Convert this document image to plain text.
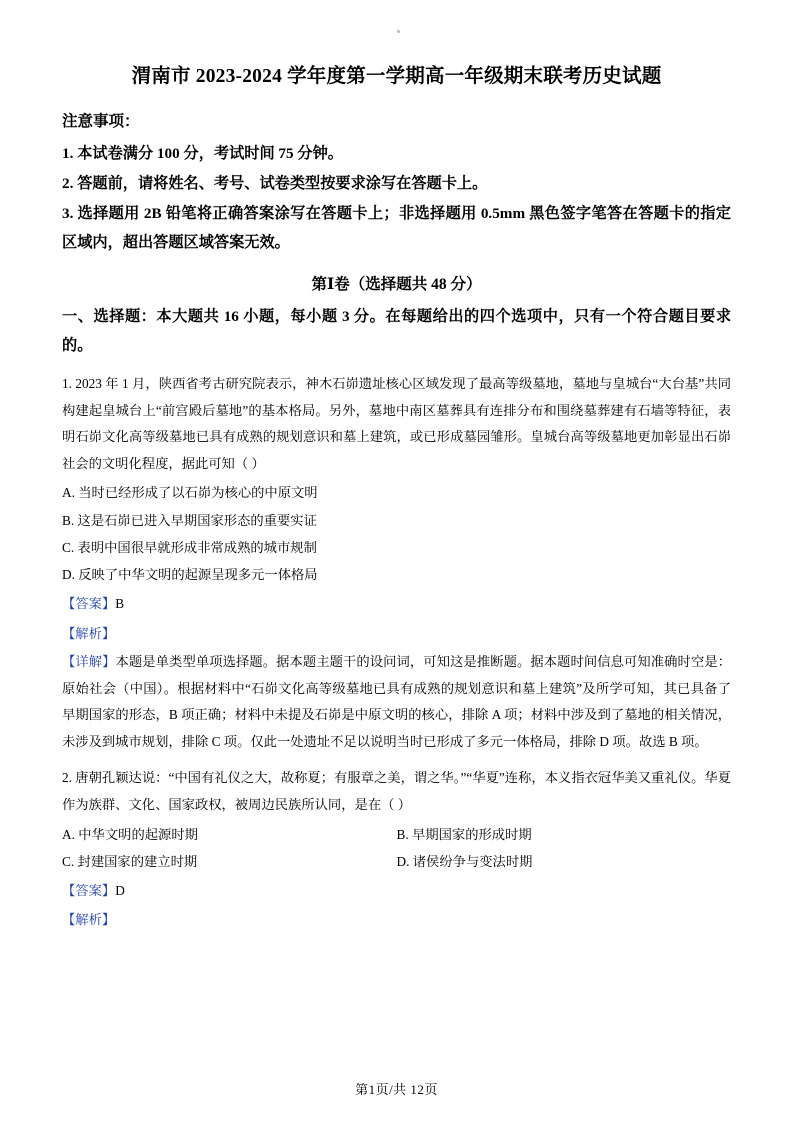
渭南市 2023-2024 学年度第一学期高一年级期末联考历史试题
注意事项：
1. 本试卷满分 100 分，考试时间 75 分钟。
2. 答题前，请将姓名、考号、试卷类型按要求涂写在答题卡上。
3. 选择题用 2B 铅笔将正确答案涂写在答题卡上；非选择题用 0.5mm 黑色签字笔答在答题卡的指定区域内，超出答题区域答案无效。
第Ⅰ卷（选择题共 48 分）
一、选择题：本大题共 16 小题，每小题 3 分。在每题给出的四个选项中，只有一个符合题目要求的。
1. 2023 年 1 月，陕西省考古研究院表示，神木石峁遗址核心区域发现了最高等级墓地，墓地与皇城台“大台基”共同构建起皇城台上“前宫殿后墓地”的基本格局。另外，墓地中南区墓葬具有连排分布和围绕墓葬建有石墙等特征，表明石峁文化高等级墓地已具有成熟的规划意识和墓上建筑，或已形成墓园雏形。皇城台高等级墓地更加彰显出石峁社会的文明化程度，据此可知（ ）
A. 当时已经形成了以石峁为核心的中原文明
B. 这是石峁已进入早期国家形态的重要实证
C. 表明中国很早就形成非常成熟的城市规制
D. 反映了中华文明的起源呈现多元一体格局
【答案】B
【解析】
【详解】本题是单类型单项选择题。据本题主题干的设问词，可知这是推断题。据本题时间信息可知准确时空是：原始社会（中国）。根据材料中“石峁文化高等级墓地已具有成熟的规划意识和墓上建筑”及所学可知，其已具备了早期国家的形态，B 项正确；材料中未提及石峁是中原文明的核心，排除 A 项；材料中涉及到了墓地的相关情况，未涉及到城市规划，排除 C 项。仅此一处遗址不足以说明当时已形成了多元一体格局，排除 D 项。故选 B 项。
2. 唐朝孔颖达说：“中国有礼仪之大，故称夏；有服章之美，谓之华。”“华夏”连称，本义指衣冠华美又重礼仪。华夏作为族群、文化、国家政权，被周边民族所认同，是在（ ）
A. 中华文明的起源时期	B. 早期国家的形成时期
C. 封建国家的建立时期	D. 诸侯纷争与变法时期
【答案】D
【解析】
第1页/共 12页
